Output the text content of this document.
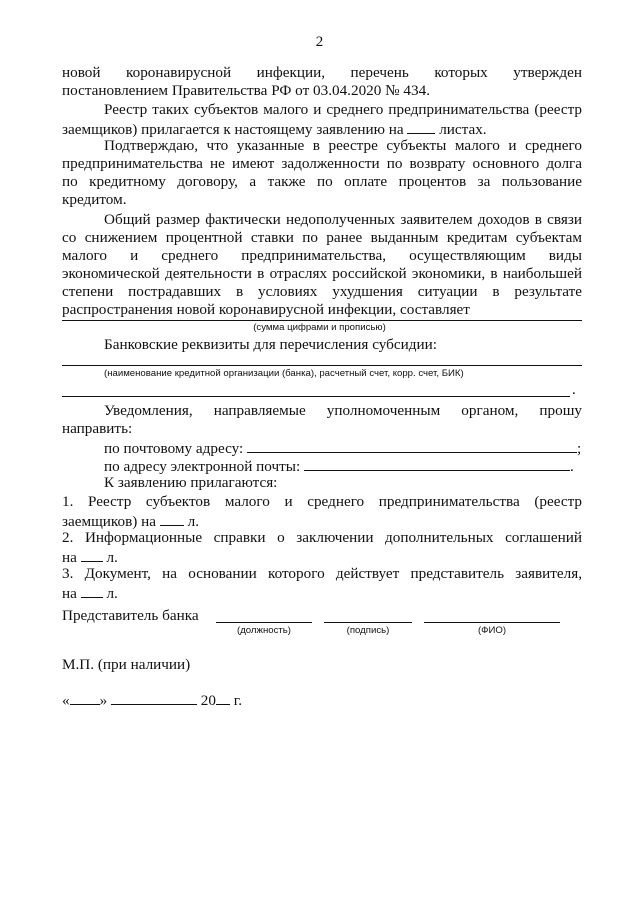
2
новой коронавирусной инфекции, перечень которых утвержден
постановлением Правительства РФ от 03.04.2020 № 434.
Реестр таких субъектов малого и среднего предпринимательства (реестр
заемщиков) прилагается к настоящему заявлению на листах.
Подтверждаю, что указанные в реестре субъекты малого и среднего
предпринимательства не имеют задолженности по возврату основного долга
по кредитному договору, а также по оплате процентов за пользование
кредитом.
Общий размер фактически недополученных заявителем доходов в связи
со снижением процентной ставки по ранее выданным кредитам субъектам
малого и среднего предпринимательства, осуществляющим виды
экономической деятельности в отраслях российской экономики, в наибольшей
степени пострадавших в условиях ухудшения ситуации в результате
распространения новой коронавирусной инфекции, составляет
(сумма цифрами и прописью)
Банковские реквизиты для перечисления субсидии:
(наименование кредитной организации (банка), расчетный счет, корр. счет, БИК)
.
Уведомления, направляемые уполномоченным органом, прошу
направить:
по почтовому адресу:	;
по адресу электронной почты:	.
К заявлению прилагаются:
1. Реестр субъектов малого и среднего предпринимательства (реестр
заемщиков) на л.
2. Информационные справки о заключении дополнительных соглашений
на л.
3. Документ, на основании которого действует представитель заявителя,
на л.
Представитель банка
(должность)	(подпись)	(ФИО)
М.П. (при наличии)
« »	20 г.
